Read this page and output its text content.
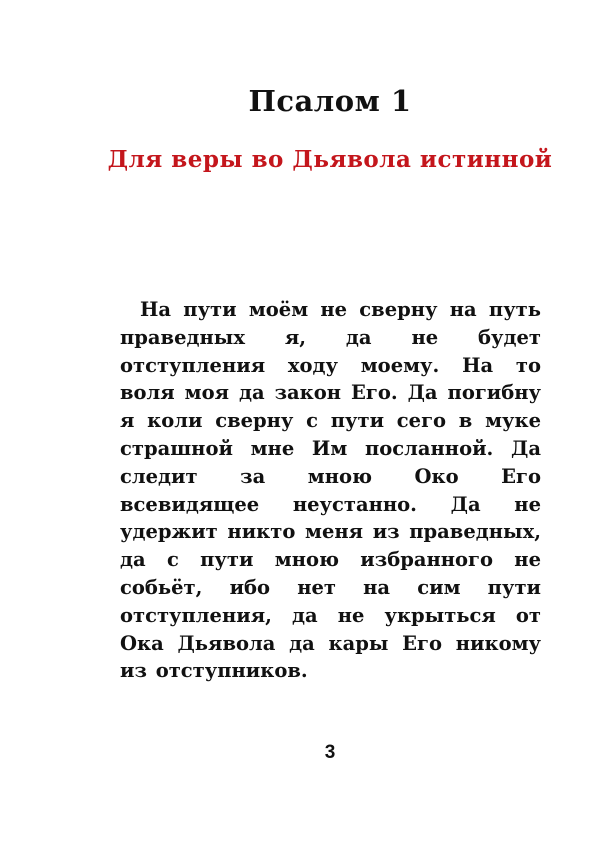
Псалом 1
Для веры во Дьявола истинной

На пути моём не сверну на путь праведных я, да не будет отступления ходу моему. На то воля моя да закон Его. Да погибну я коли сверну с пути сего в муке страшной мне Им посланной. Да следит за мною Око Его всевидящее неустанно. Да не удержит никто меня из праведных, да с пути мною избранного не собьёт, ибо нет на сим пути отступления, да не укрыться от Ока Дьявола да кары Его никому из отступников.

3
